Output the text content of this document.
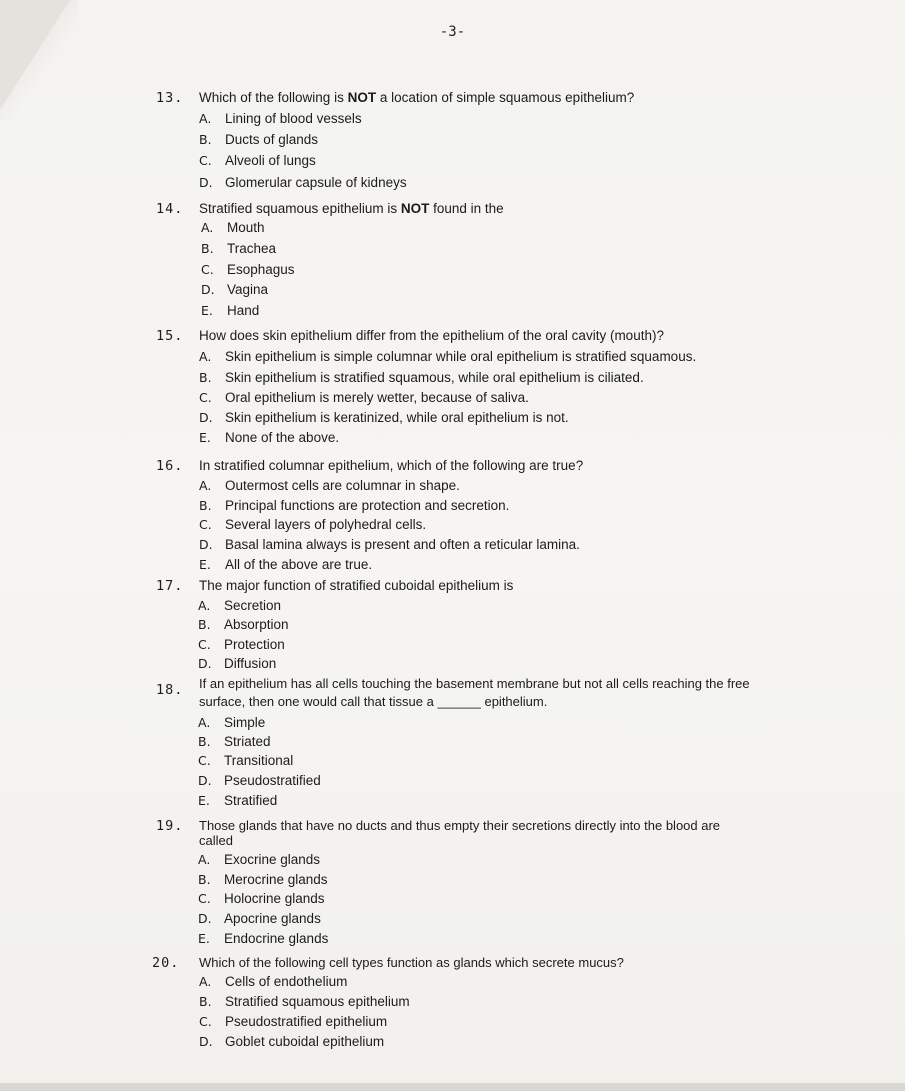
-3-
13. Which of the following is NOT a location of simple squamous epithelium?
A. Lining of blood vessels
B. Ducts of glands
C. Alveoli of lungs
D. Glomerular capsule of kidneys
14. Stratified squamous epithelium is NOT found in the
A. Mouth
B. Trachea
C. Esophagus
D. Vagina
E. Hand
15. How does skin epithelium differ from the epithelium of the oral cavity (mouth)?
A. Skin epithelium is simple columnar while oral epithelium is stratified squamous.
B. Skin epithelium is stratified squamous, while oral epithelium is ciliated.
C. Oral epithelium is merely wetter, because of saliva.
D. Skin epithelium is keratinized, while oral epithelium is not.
E. None of the above.
16. In stratified columnar epithelium, which of the following are true?
A. Outermost cells are columnar in shape.
B. Principal functions are protection and secretion.
C. Several layers of polyhedral cells.
D. Basal lamina always is present and often a reticular lamina.
E. All of the above are true.
17. The major function of stratified cuboidal epithelium is
A. Secretion
B. Absorption
C. Protection
D. Diffusion
18. If an epithelium has all cells touching the basement membrane but not all cells reaching the free
surface, then one would call that tissue a ______ epithelium.
A. Simple
B. Striated
C. Transitional
D. Pseudostratified
E. Stratified
19. Those glands that have no ducts and thus empty their secretions directly into the blood are
called
A. Exocrine glands
B. Merocrine glands
C. Holocrine glands
D. Apocrine glands
E. Endocrine glands
20. Which of the following cell types function as glands which secrete mucus?
A. Cells of endothelium
B. Stratified squamous epithelium
C. Pseudostratified epithelium
D. Goblet cuboidal epithelium
